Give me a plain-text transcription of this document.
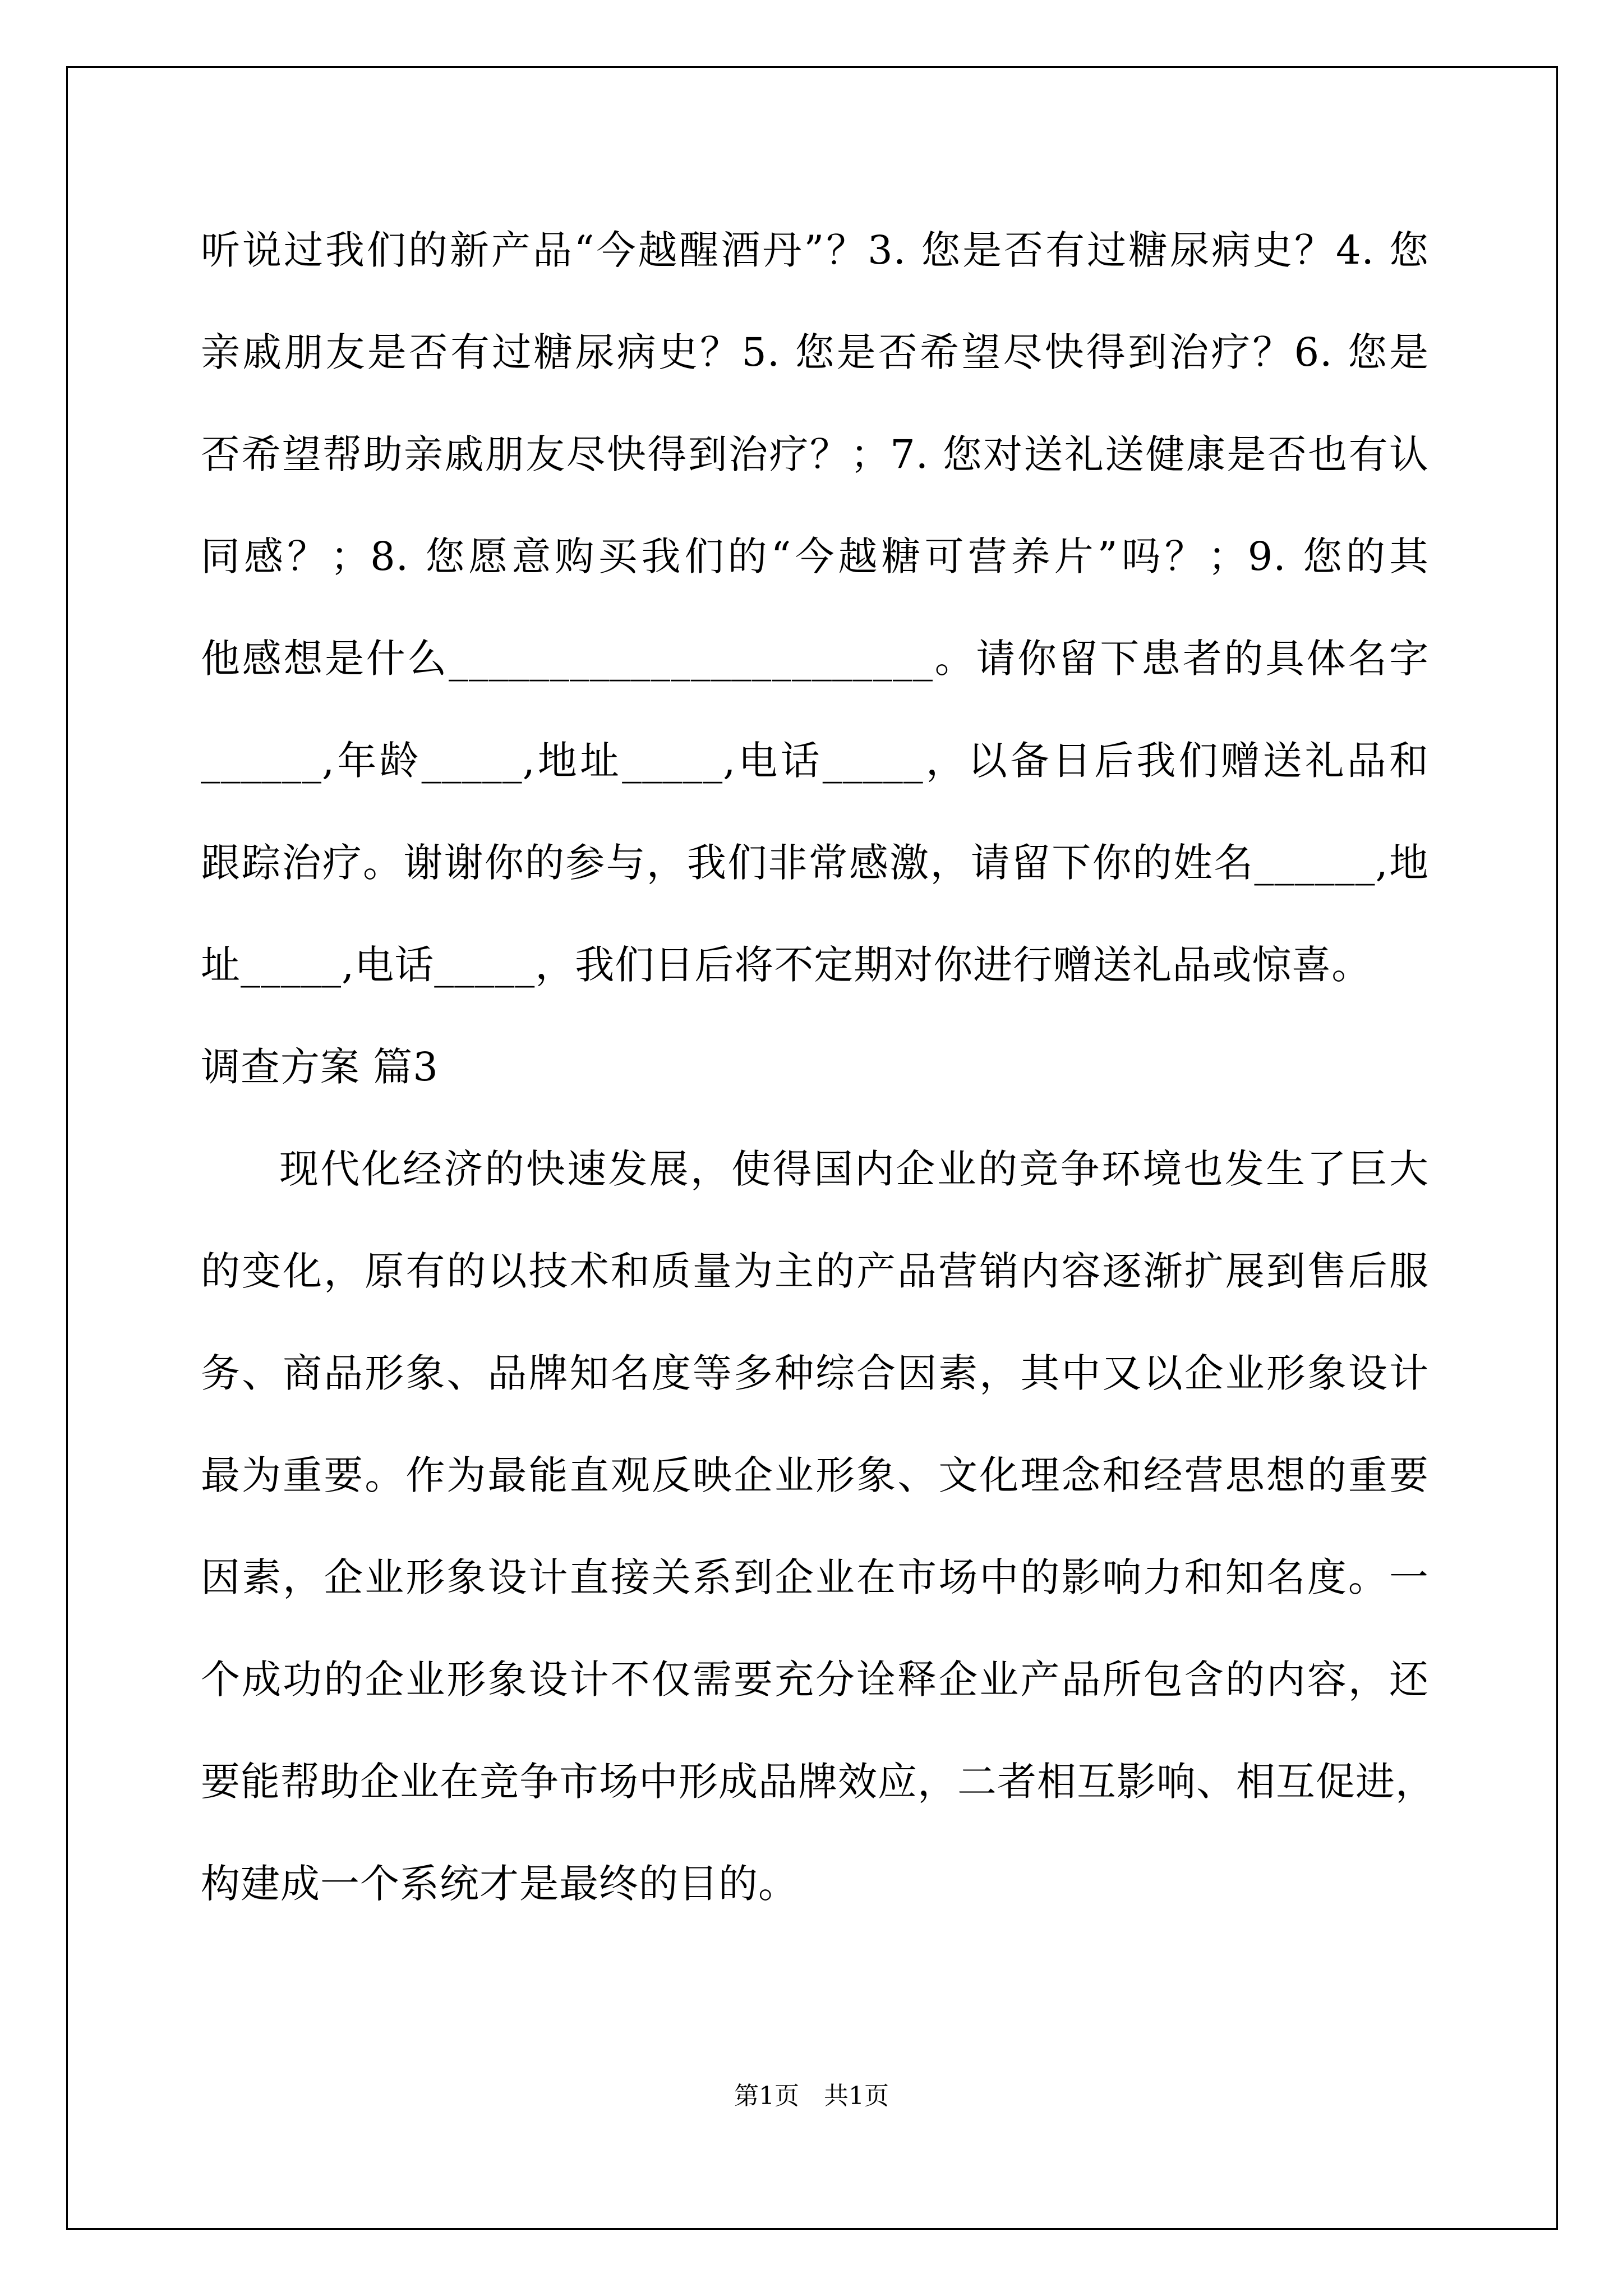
听说过我们的新产品“今越醒酒丹”？3. 您是否有过糖尿病史？4. 您
亲戚朋友是否有过糖尿病史？5. 您是否希望尽快得到治疗？6. 您是
否希望帮助亲戚朋友尽快得到治疗？；7. 您对送礼送健康是否也有认
同感？；8. 您愿意购买我们的“今越糖可营养片”吗？；9. 您的其
他感想是什么________________________。请你留下患者的具体名字
______,年龄_____,地址_____,电话_____，以备日后我们赠送礼品和
跟踪治疗。谢谢你的参与，我们非常感激，请留下你的姓名______,地
址_____,电话_____，我们日后将不定期对你进行赠送礼品或惊喜。
调查方案 篇3
现代化经济的快速发展，使得国内企业的竞争环境也发生了巨大
的变化，原有的以技术和质量为主的产品营销内容逐渐扩展到售后服
务、商品形象、品牌知名度等多种综合因素，其中又以企业形象设计
最为重要。作为最能直观反映企业形象、文化理念和经营思想的重要
因素，企业形象设计直接关系到企业在市场中的影响力和知名度。一
个成功的企业形象设计不仅需要充分诠释企业产品所包含的内容，还
要能帮助企业在竞争市场中形成品牌效应，二者相互影响、相互促进，
构建成一个系统才是最终的目的。
第1页　共1页
